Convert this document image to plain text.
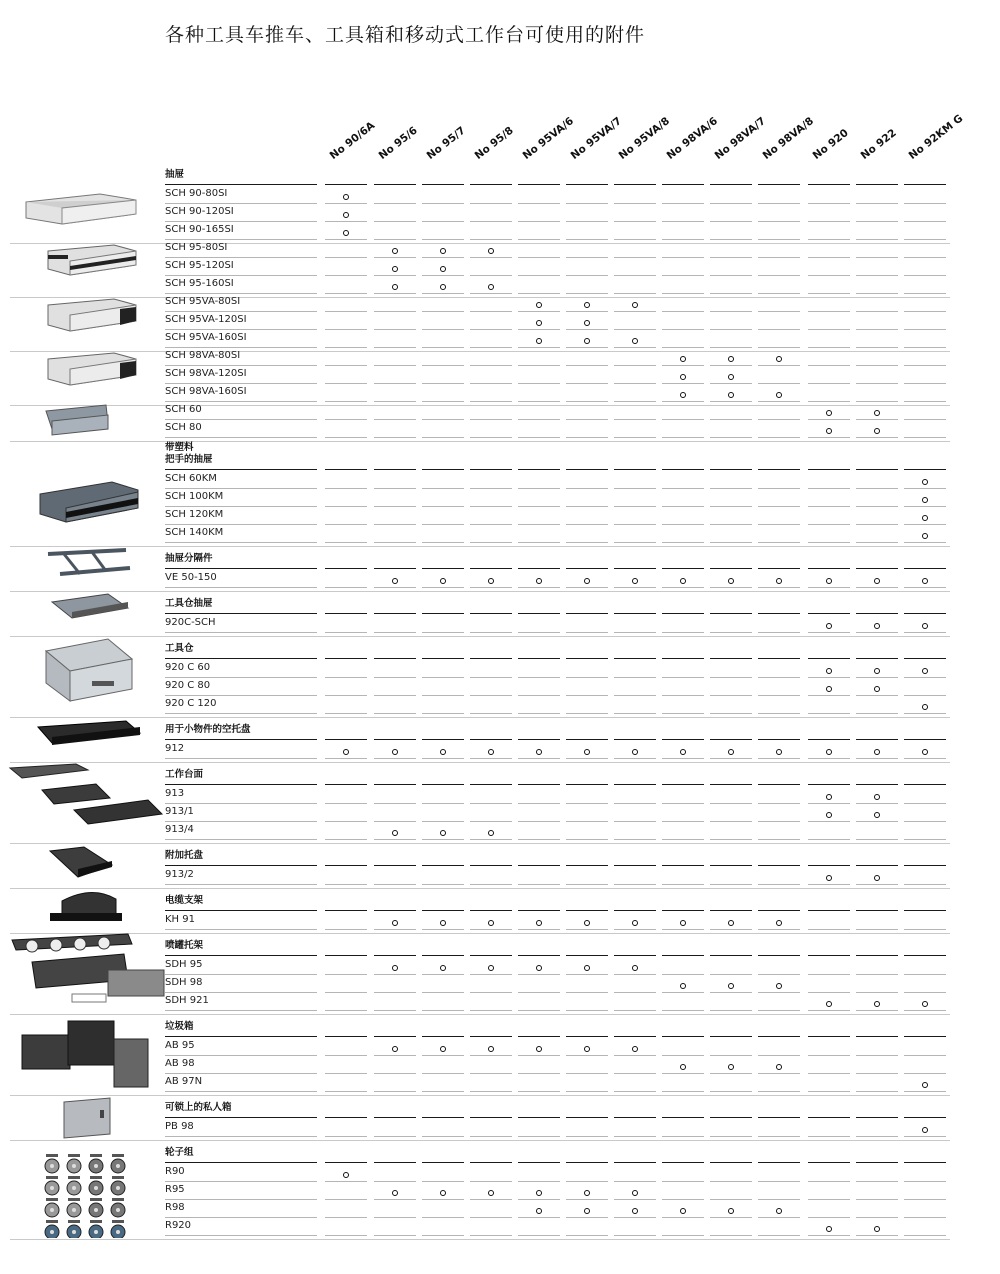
各种工具车推车、工具箱和移动式工作台可使用的附件
No 90/6A No 95/6 No 95/7 No 95/8 No 95VA/6
No 95VA/7
No 95VA/8
No 98VA/6
No 98VA/7
No 98VA/8
No 920 No 922 No 92KM G
抽屉
SCH 90-80SI
SCH 90-120SI
SCH 90-165SI
SCH 95-80SI
SCH 95-120SI
SCH 95-160SI
SCH 95VA-80SI
SCH 95VA-120SI
SCH 95VA-160SI
SCH 98VA-80SI
SCH 98VA-120SI
SCH 98VA-160SI
SCH 60
SCH 80
带塑料
把手的抽屉
SCH 60KM
SCH 100KM
SCH 120KM
SCH 140KM
抽屉分隔件
VE 50-150
工具仓抽屉
920C-SCH
工具仓
920 C 60
920 C 80
920 C 120
用于小物件的空托盘
912
工作台面
913
913/1
913/4
附加托盘
913/2
电缆支架
KH 91
喷罐托架
SDH 95
SDH 98
SDH 921
垃圾箱
AB 95
AB 98
AB 97N
可锁上的私人箱
PB 98
轮子组
R90
R95
R98
R920
